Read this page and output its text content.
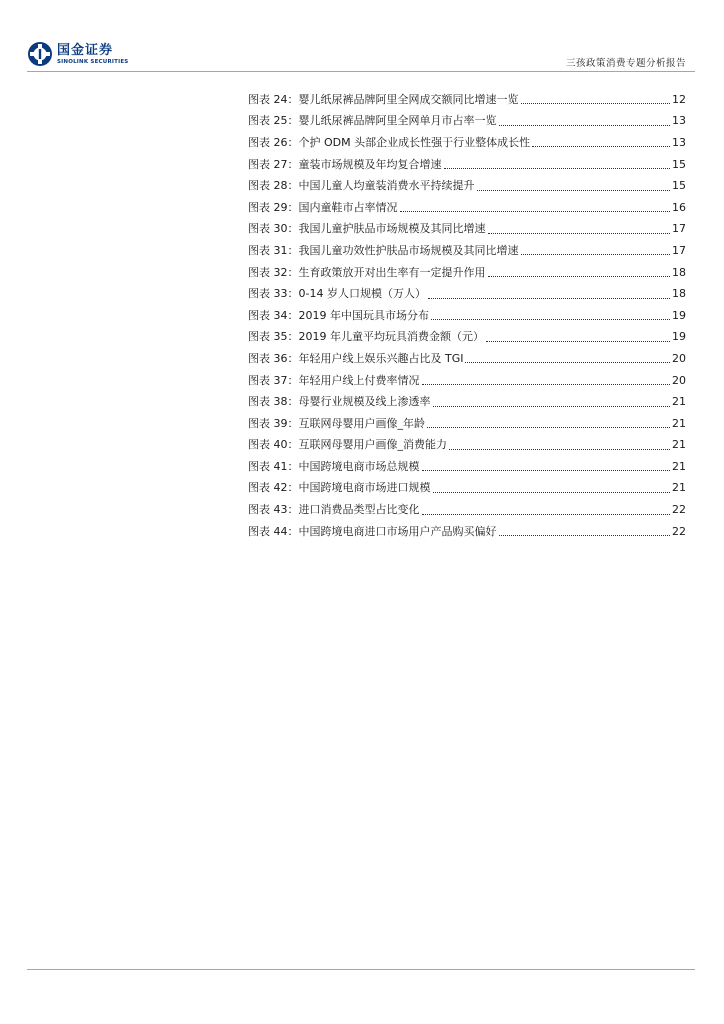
国金证券
SINOLINK SECURITIES	三孩政策消费专题分析报告
图表 24：婴儿纸尿裤品牌阿里全网成交额同比增速一览	12
图表 25：婴儿纸尿裤品牌阿里全网单月市占率一览	13
图表 26：个护 ODM 头部企业成长性强于行业整体成长性	13
图表 27：童装市场规模及年均复合增速	15
图表 28：中国儿童人均童装消费水平持续提升	15
图表 29：国内童鞋市占率情况	16
图表 30：我国儿童护肤品市场规模及其同比增速	17
图表 31：我国儿童功效性护肤品市场规模及其同比增速	17
图表 32：生育政策放开对出生率有一定提升作用	18
图表 33：0-14 岁人口规模（万人）	18
图表 34：2019 年中国玩具市场分布	19
图表 35：2019 年儿童平均玩具消费金额（元）	19
图表 36：年轻用户线上娱乐兴趣占比及 TGI	20
图表 37：年轻用户线上付费率情况	20
图表 38：母婴行业规模及线上渗透率	21
图表 39：互联网母婴用户画像_年龄	21
图表 40：互联网母婴用户画像_消费能力	21
图表 41：中国跨境电商市场总规模	21
图表 42：中国跨境电商市场进口规模	21
图表 43：进口消费品类型占比变化	22
图表 44：中国跨境电商进口市场用户产品购买偏好	22
